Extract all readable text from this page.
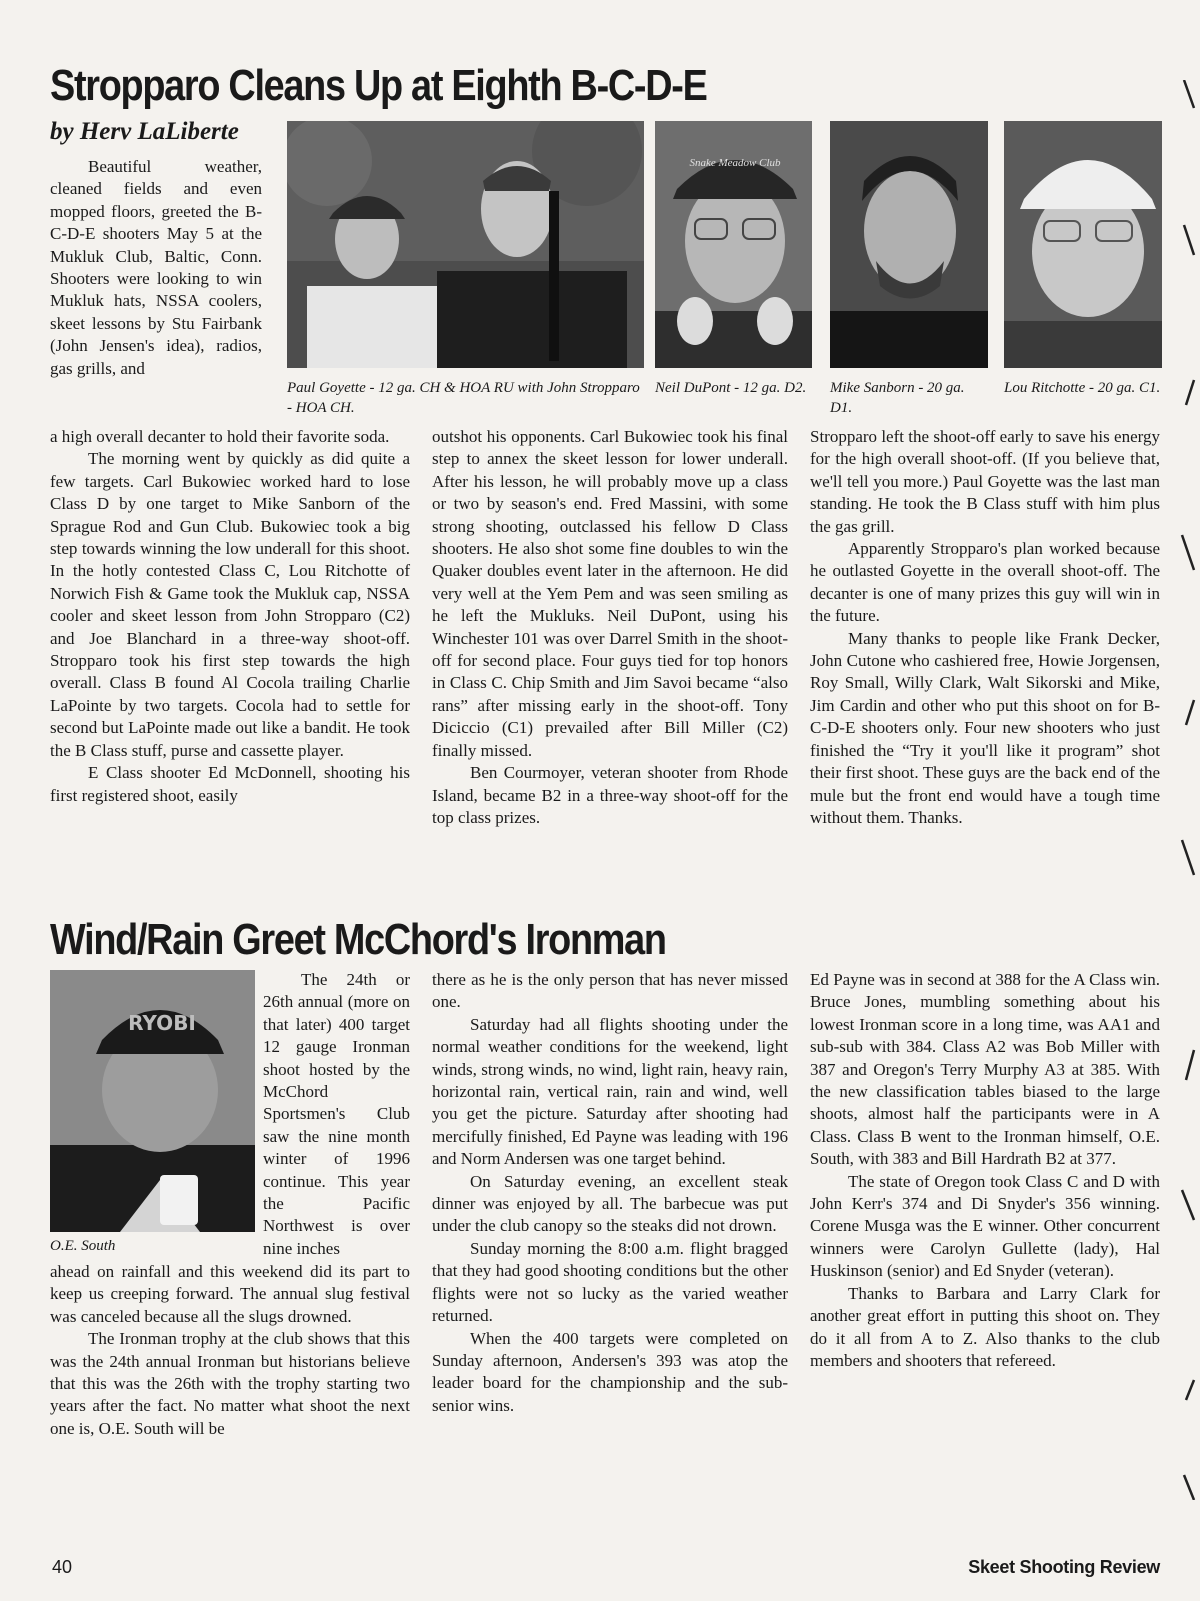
Stropparo Cleans Up at Eighth B-C-D-E
by Herv LaLiberte
Paul Goyette - 12 ga. CH & HOA RU with John Stropparo - HOA CH.
Snake Meadow Club
Neil DuPont - 12 ga. D2.	Mike Sanborn - 20 ga. D1.
Lou Ritchotte - 20 ga. C1.

Beautiful weather, cleaned fields and even mopped floors, greeted the B-C-D-E shooters May 5 at the Mukluk Club, Baltic, Conn. Shooters were looking to win Mukluk hats, NSSA coolers, skeet lessons by Stu Fairbank (John Jensen's idea), radios, gas grills, and

a high overall decanter to hold their favorite soda.

The morning went by quickly as did quite a few targets. Carl Bukowiec worked hard to lose Class D by one target to Mike Sanborn of the Sprague Rod and Gun Club. Bukowiec took a big step towards winning the low underall for this shoot. In the hotly contested Class C, Lou Ritchotte of Norwich Fish & Game took the Mukluk cap, NSSA cooler and skeet lesson from John Stropparo (C2) and Joe Blanchard in a three-way shoot-off. Stropparo took his first step towards the high overall. Class B found Al Cocola trailing Charlie LaPointe by two targets. Cocola had to settle for second but LaPointe made out like a bandit. He took the B Class stuff, purse and cassette player.

E Class shooter Ed McDonnell, shooting his first registered shoot, easily

outshot his opponents. Carl Bukowiec took his final step to annex the skeet lesson for lower underall. After his lesson, he will probably move up a class or two by season's end. Fred Massini, with some strong shooting, outclassed his fellow D Class shooters. He also shot some fine doubles to win the Quaker doubles event later in the afternoon. He did very well at the Yem Pem and was seen smiling as he left the Mukluks. Neil DuPont, using his Winchester 101 was over Darrel Smith in the shoot-off for second place. Four guys tied for top honors in Class C. Chip Smith and Jim Savoi became “also rans” after missing early in the shoot-off. Tony Diciccio (C1) prevailed after Bill Miller (C2) finally missed.

Ben Courmoyer, veteran shooter from Rhode Island, became B2 in a three-way shoot-off for the top class prizes.

Stropparo left the shoot-off early to save his energy for the high overall shoot-off. (If you believe that, we'll tell you more.) Paul Goyette was the last man standing. He took the B Class stuff with him plus the gas grill.

Apparently Stropparo's plan worked because he outlasted Goyette in the overall shoot-off. The decanter is one of many prizes this guy will win in the future.

Many thanks to people like Frank Decker, John Cutone who cashiered free, Howie Jorgensen, Roy Small, Willy Clark, Walt Sikorski and Mike, Jim Cardin and other who put this shoot on for B-C-D-E shooters only. Four new shooters who just finished the “Try it you'll like it program” shot their first shoot. These guys are the back end of the mule but the front end would have a tough time without them. Thanks.

Wind/Rain Greet McChord's Ironman
RYOBI
O.E. South

The 24th or 26th annual (more on that later) 400 target 12 gauge Ironman shoot hosted by the McChord Sportsmen's Club saw the nine month winter of 1996 continue. This year the Pacific Northwest is over nine inches

ahead on rainfall and this weekend did its part to keep us creeping forward. The annual slug festival was canceled because all the slugs drowned.

The Ironman trophy at the club shows that this was the 24th annual Ironman but historians believe that this was the 26th with the trophy starting two years after the fact. No matter what shoot the next one is, O.E. South will be

there as he is the only person that has never missed one.

Saturday had all flights shooting under the normal weather conditions for the weekend, light winds, strong winds, no wind, light rain, heavy rain, horizontal rain, vertical rain, rain and wind, well you get the picture. Saturday after shooting had mercifully finished, Ed Payne was leading with 196 and Norm Andersen was one target behind.

On Saturday evening, an excellent steak dinner was enjoyed by all. The barbecue was put under the club canopy so the steaks did not drown.

Sunday morning the 8:00 a.m. flight bragged that they had good shooting conditions but the other flights were not so lucky as the varied weather returned.

When the 400 targets were completed on Sunday afternoon, Andersen's 393 was atop the leader board for the championship and the sub-senior wins.

Ed Payne was in second at 388 for the A Class win. Bruce Jones, mumbling something about his lowest Ironman score in a long time, was AA1 and sub-sub with 384. Class A2 was Bob Miller with 387 and Oregon's Terry Murphy A3 at 385. With the new classification tables biased to the large shoots, almost half the participants were in A Class. Class B went to the Ironman himself, O.E. South, with 383 and Bill Hardrath B2 at 377.

The state of Oregon took Class C and D with John Kerr's 374 and Di Snyder's 356 winning. Corene Musga was the E winner. Other concurrent winners were Carolyn Gullette (lady), Hal Huskinson (senior) and Ed Snyder (veteran).

Thanks to Barbara and Larry Clark for another great effort in putting this shoot on. They do it all from A to Z. Also thanks to the club members and shooters that refereed.

40	Skeet Shooting Review
